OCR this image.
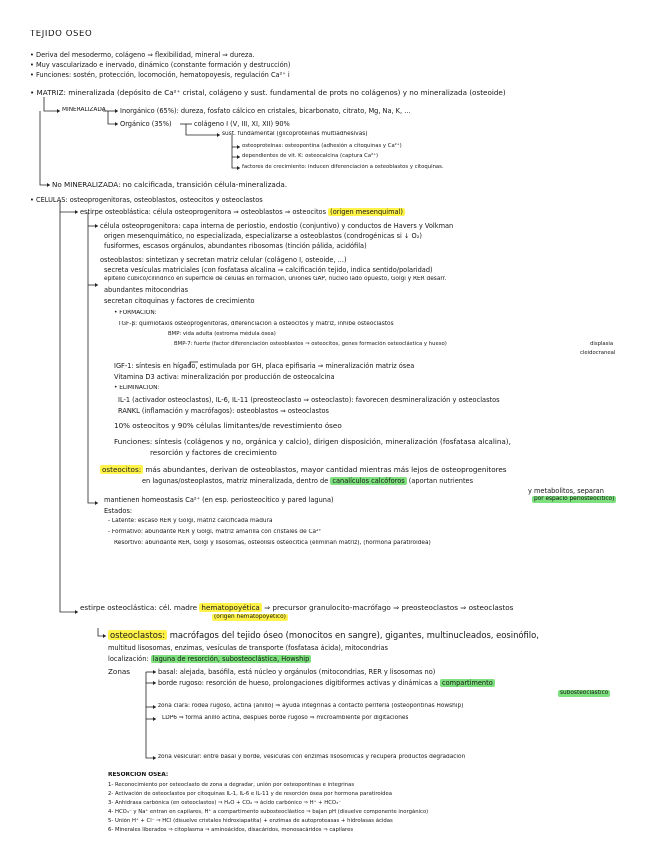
TEJIDO ÓSEO
• Deriva del mesodermo, colágeno ⇒ flexibilidad, mineral ⇒ dureza.
• Muy vascularizado e inervado, dinámico (constante formación y destrucción)
• Funciones: sostén, protección, locomoción, hematopoyesis, regulación Ca²⁺ i
• MATRIZ: mineralizada (depósito de Ca²⁺ cristal, colágeno y sust. fundamental de prots no colágenos) y no mineralizada (osteoide)
MINERALIZADA Inorgánico (65%): dureza, fosfato cálcico en cristales, bicarbonato, citrato, Mg, Na, K, ...
Orgánico (35%)	colágeno I (V, III, XI, XII) 90%
sust. fundamental (glicoproteínas multiadhesivas)
osteoproteínas: osteopontina (adhesión a citoquinas y Ca²⁺)
dependientes de vit. K: osteocalcina (captura Ca²⁺)
factores de crecimiento: inducen diferenciación a osteoblastos y citoquinas.
No MINERALIZADA: no calcificada, transición célula-mineralizada.
• CÉLULAS: osteoprogenitoras, osteoblastos, osteocitos y osteoclastos
estirpe osteoblástica: célula osteoprogenitora ⇒ osteoblastos ⇒ osteocitos (origen mesenquimal)
célula osteoprogenitora: capa interna de periostio, endostio (conjuntivo) y conductos de Havers y Volkman
origen mesenquimático, no especializada, especializarse a osteoblastos (condrogénicas si ↓ O₂)
fusiformes, escasos orgánulos, abundantes ribosomas (tinción pálida, acidófila)
osteoblastos: sintetizan y secretan matriz celular (colágeno I, osteoide, ...)
secreta vesículas matriciales (con fosfatasa alcalina ⇒ calcificación tejido, indica sentido/polaridad)
epitelio cúbico/cilíndrico en superficie de células en formación, uniones GAP, núcleo lado opuesto, Golgi y RER desarr.
abundantes mitocondrias
secretan citoquinas y factores de crecimiento
• FORMACIÓN:
TGF-β: quimiotaxis osteoprogenitoras, diferenciación a osteocitos y matriz, inhibe osteoclastos
BMP: vida adulta (estroma médula ósea)
BMP-7: fuerte (factor diferenciación osteoblastos ⇒ osteocitos, genes formación osteoclástica y hueso)	displasia
cleidocraneal
IGF-1: síntesis en hígado, estimulada por GH, placa epifisaria ⇒ mineralización matriz ósea
Vitamina D3 activa: mineralización por producción de osteocalcina
• ELIMINACIÓN:
IL-1 (activador osteoclastos), IL-6, IL-11 (preosteoclasto ⇒ osteoclasto): favorecen desmineralización y osteoclastos
RANKL (inflamación y macrófagos): osteoblastos ⇒ osteoclastos
10% osteocitos y 90% células limitantes/de revestimiento óseo
Funciones: síntesis (colágenos y no, orgánica y calcio), dirigen disposición, mineralización (fosfatasa alcalina),
resorción y factores de crecimiento
osteocitos: más abundantes, derivan de osteoblastos, mayor cantidad mientras más lejos de osteoprogenitores
en lagunas/osteoplastos, matriz mineralizada, dentro de canalículos calcóforos (aportan nutrientes
y metabolitos, separan
mantienen homeostasis Ca²⁺ (en esp. periosteocítico y pared laguna)	por espacio periosteocítico)
Estados:
- Latente: escaso RER y Golgi, matriz calcificada madura
- Formativo: abundante RER y Golgi, matriz amarilla con cristales de Ca²⁺
Resortivo: abundante RER, Golgi y lisosomas, osteólisis osteocítica (eliminan matriz), (hormona paratiroidea)
estirpe osteoclástica: cél. madre hematopoyética ⇒ precursor granulocito-macrófago ⇒ preosteoclastos ⇒ osteoclastos
(origen hematopoyético)
osteoclastos: macrófagos del tejido óseo (monocitos en sangre), gigantes, multinucleados, eosinófilo,
multitud lisosomas, enzimas, vesículas de transporte (fosfatasa ácida), mitocondrias
localización: laguna de resorción, subosteoclástica, Howship
Zonas	basal: alejada, basófila, está núcleo y orgánulos (mitocondrias, RER y lisosomas no)
borde rugoso: resorción de hueso, prolongaciones digitiformes activas y dinámicas a compartimento
subosteoclástico
zona clara: rodea rugoso, actina (anillo) ⇒ ayuda integrinas a contacto periferia (osteopontinas Howship)
LDP6 ⇒ forma anillo actina, después borde rugoso ⇒ microambiente por digitaciones
zona vesicular: entre basal y borde, vesículas con enzimas lisosómicas y recupera productos degradación
RESORCIÓN ÓSEA:
1- Reconocimiento por osteoclasto de zona a degradar, unión por osteopontinas e integrinas
2- Activación de osteoclastos por citoquinas IL-1, IL-6 e IL-11 y de resorción ósea por hormona paratiroidea
3- Anhidrasa carbónica (en osteoclastos) ⇒ H₂O + CO₂ ⇒ ácido carbónico ⇒ H⁺ + HCO₃⁻
4- HCO₃⁻ y Na⁺ entran en capilares, H⁺ a compartimento subosteoclástico ⇒ bajan pH (disuelve componente inorgánico)
5- Unión H⁺ + Cl⁻ ⇒ HCl (disuelve cristales hidroxiapatita) + enzimas de autoproteasas + hidrolasas ácidas
6- Minerales liberados ⇒ citoplasma ⇒ aminoácidos, disacáridos, monosacáridos ⇒ capilares
